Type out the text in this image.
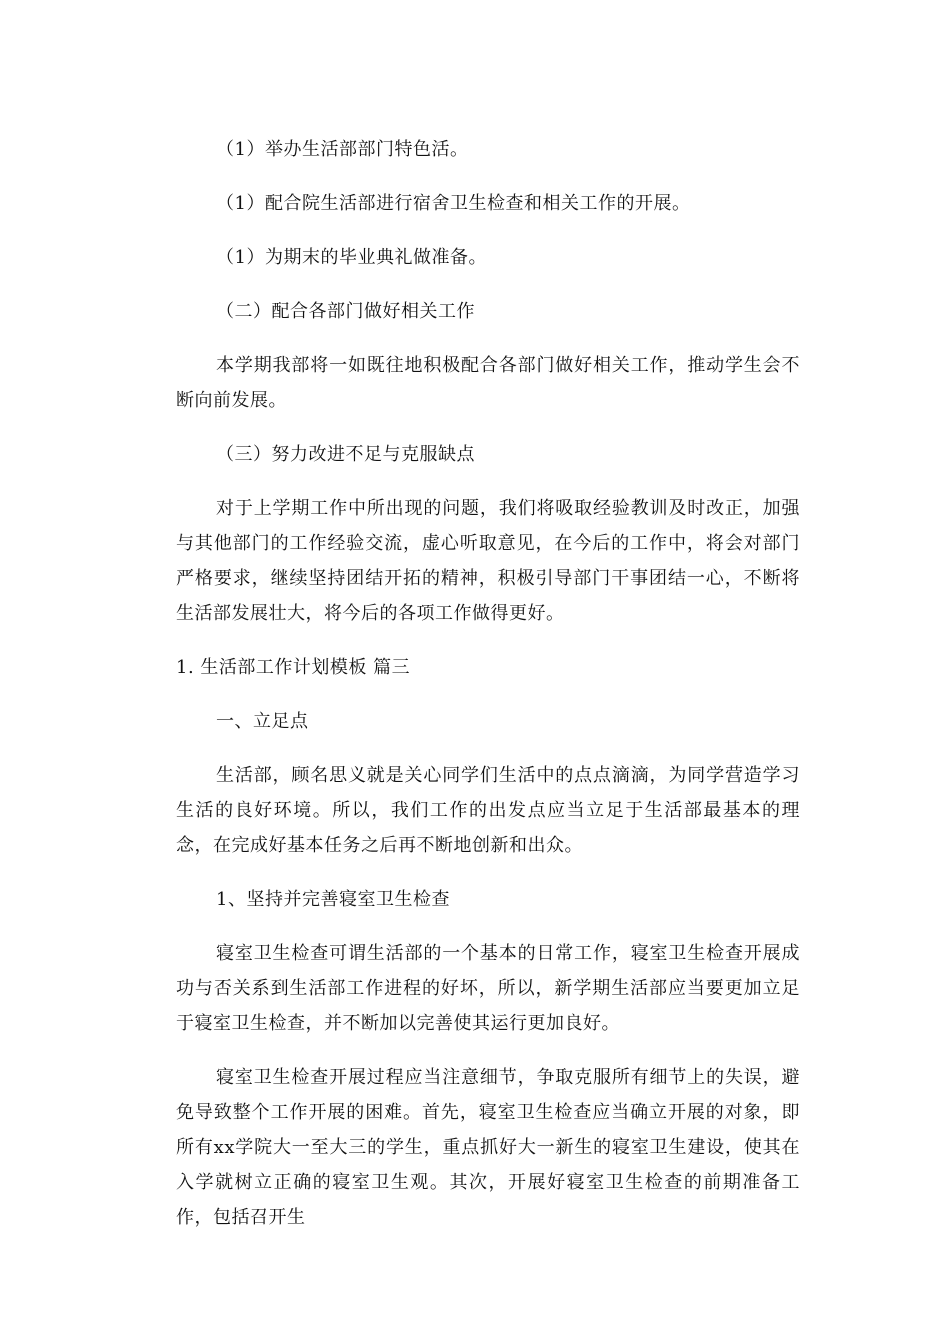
（1）举办生活部部门特色活。

（1）配合院生活部进行宿舍卫生检查和相关工作的开展。

（1）为期末的毕业典礼做准备。

（二）配合各部门做好相关工作

本学期我部将一如既往地积极配合各部门做好相关工作，推动学生会不断向前发展。

（三）努力改进不足与克服缺点

对于上学期工作中所出现的问题，我们将吸取经验教训及时改正，加强与其他部门的工作经验交流，虚心听取意见，在今后的工作中，将会对部门严格要求，继续坚持团结开拓的精神，积极引导部门干事团结一心，不断将生活部发展壮大，将今后的各项工作做得更好。

1. 生活部工作计划模板 篇三

一、立足点

生活部，顾名思义就是关心同学们生活中的点点滴滴，为同学营造学习生活的良好环境。所以，我们工作的出发点应当立足于生活部最基本的理念，在完成好基本任务之后再不断地创新和出众。

1、坚持并完善寝室卫生检查

寝室卫生检查可谓生活部的一个基本的日常工作，寝室卫生检查开展成功与否关系到生活部工作进程的好坏，所以，新学期生活部应当要更加立足于寝室卫生检查，并不断加以完善使其运行更加良好。

寝室卫生检查开展过程应当注意细节，争取克服所有细节上的失误，避免导致整个工作开展的困难。首先，寝室卫生检查应当确立开展的对象，即所有xx学院大一至大三的学生，重点抓好大一新生的寝室卫生建设，使其在入学就树立正确的寝室卫生观。其次，开展好寝室卫生检查的前期准备工作，包括召开生
